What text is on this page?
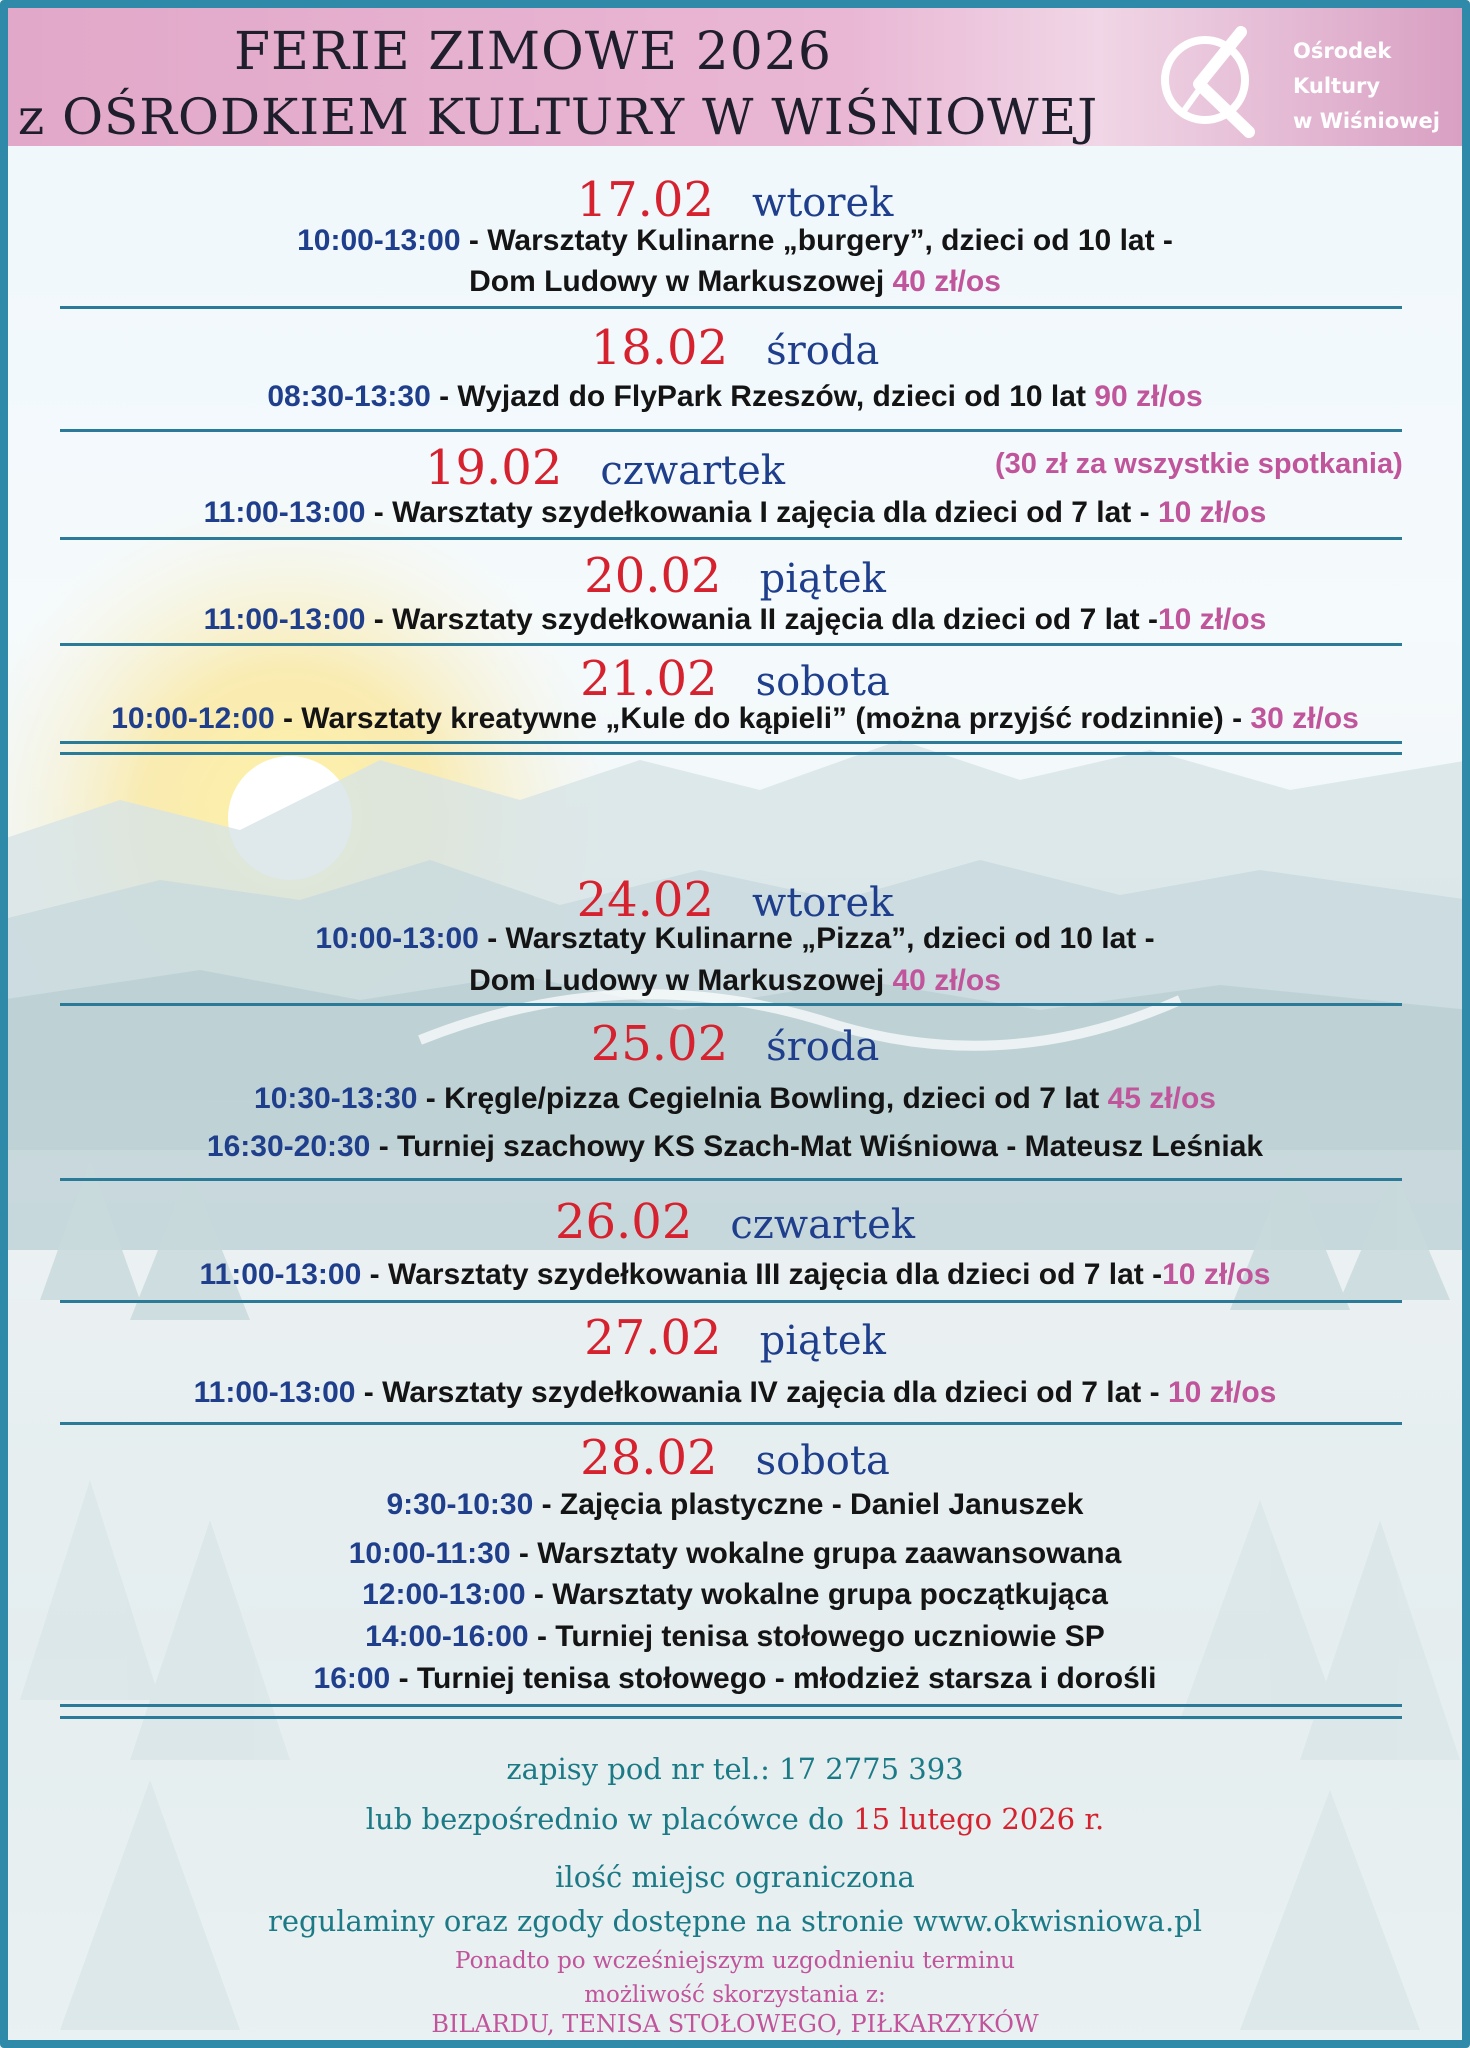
FERIE ZIMOWE 2026
z OŚRODKIEM KULTURY W WIŚNIOWEJ
Ośrodek
Kultury
w Wiśniowej
17.02 wtorek
10:00-13:00 - Warsztaty Kulinarne „burgery”, dzieci od 10 lat -
Dom Ludowy w Markuszowej 40 zł/os
18.02 środa
08:30-13:30 - Wyjazd do FlyPark Rzeszów, dzieci od 10 lat 90 zł/os
19.02 czwartek	(30 zł za wszystkie spotkania)
11:00-13:00 - Warsztaty szydełkowania I zajęcia dla dzieci od 7 lat - 10 zł/os
20.02 piątek
11:00-13:00 - Warsztaty szydełkowania II zajęcia dla dzieci od 7 lat -10 zł/os
21.02 sobota
10:00-12:00 - Warsztaty kreatywne „Kule do kąpieli” (można przyjść rodzinnie) - 30 zł/os
24.02 wtorek
10:00-13:00 - Warsztaty Kulinarne „Pizza”, dzieci od 10 lat -
Dom Ludowy w Markuszowej 40 zł/os
25.02 środa
10:30-13:30 - Kręgle/pizza Cegielnia Bowling, dzieci od 7 lat 45 zł/os
16:30-20:30 - Turniej szachowy KS Szach-Mat Wiśniowa - Mateusz Leśniak
26.02 czwartek
11:00-13:00 - Warsztaty szydełkowania III zajęcia dla dzieci od 7 lat -10 zł/os
27.02 piątek
11:00-13:00 - Warsztaty szydełkowania IV zajęcia dla dzieci od 7 lat - 10 zł/os
28.02 sobota
9:30-10:30 - Zajęcia plastyczne - Daniel Januszek
10:00-11:30 - Warsztaty wokalne grupa zaawansowana
12:00-13:00 - Warsztaty wokalne grupa początkująca
14:00-16:00 - Turniej tenisa stołowego uczniowie SP
16:00 - Turniej tenisa stołowego - młodzież starsza i dorośli
zapisy pod nr tel.: 17 2775 393
lub bezpośrednio w placówce do 15 lutego 2026 r.
ilość miejsc ograniczona
regulaminy oraz zgody dostępne na stronie www.okwisniowa.pl
Ponadto po wcześniejszym uzgodnieniu terminu
możliwość skorzystania z:
BILARDU, TENISA STOŁOWEGO, PIŁKARZYKÓW
